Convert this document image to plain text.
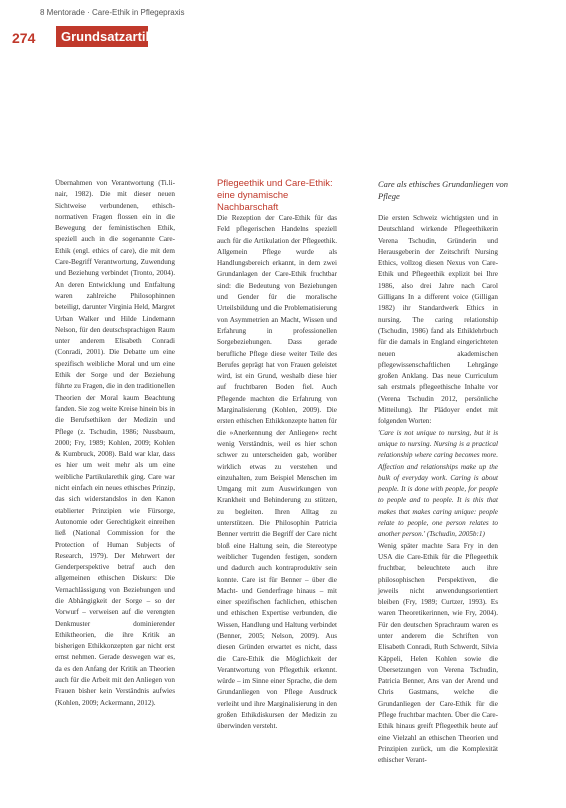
8 Mentorade · Care-Ethik in Pflegepraxis
274	Grundsatzartikel

Übernahmen von Verantwortung (Ti.li-nair, 1982). Die mit dieser neuen Sichtweise verbundenen, ethisch-normativen Fragen flossen ein in die Bewegung der feministischen Ethik, speziell auch in die sogenannte Care-Ethik (engl. ethics of care), die mit dem Care-Begriff Verantwortung, Zuwendung und Beziehung verbindet (Tronto, 2004). An deren Entwicklung und Entfaltung waren zahlreiche Philosophinnen beteiligt, darunter Virginia Held, Margret Urban Walker und Hilde Lindemann Nelson, für den deutschsprachigen Raum unter anderem Elisabeth Conradi (Conradi, 2001). Die Debatte um eine spezifisch weibliche Moral und um eine Ethik der Sorge und der Beziehung führte zu Fragen, die in den traditionellen Theorien der Moral kaum Beachtung fanden. Sie zog weite Kreise hinein bis in die Berufsethiken der Medizin und Pflege (z. Tschudin, 1986; Nussbaum, 2000; Fry, 1989; Kohlen, 2009; Kohlen & Kumbruck, 2008). Bald war klar, dass es hier um weit mehr als um eine weibliche Partikularethik ging. Care war nicht einfach ein neues ethisches Prinzip, das sich widerstandslos in den Kanon etablierter Prinzipien wie Fürsorge, Autonomie oder Gerechtigkeit einreihen ließ (National Commission for the Protection of Human Subjects of Research, 1979). Der Mehrwert der Genderperspektive betraf auch den allgemeinen ethischen Diskurs: Die Vernachlässigung von Beziehungen und die Abhängigkeit der Sorge – so der Vorwurf – verweisen auf die verengten Denkmuster dominierender Ethiktheorien, die ihre Kritik an bisherigen Ethikkonzepten gar nicht erst ernst nehmen. Gerade deswegen war es, da es den Anfang der Kritik an Theorien auch für die Arbeit mit den Anliegen von Frauen bisher kein Verständnis aufwies (Kohlen, 2009; Ackermann, 2012).

Pflegeethik und Care-Ethik: eine dynamische Nachbarschaft

Die Rezeption der Care-Ethik für das Feld pflegerischen Handelns speziell auch für die Artikulation der Pflegeethik. Allgemein Pflege wurde als Handlungsbereich erkannt, in dem zwei Grundanlagen der Care-Ethik fruchtbar sind: die Bedeutung von Beziehungen und Gender für die moralische Urteilsbildung und die Problematisierung von Asymmetrien an Macht, Wissen und Erfahrung in professionellen Sorgebeziehungen. Dass gerade berufliche Pflege diese weiter Teile des Berufes geprägt hat von Frauen geleistet wird, ist ein Grund, weshalb diese hier auf fruchtbaren Boden fiel. Auch Pflegende machten die Erfahrung von Marginalisierung (Kohlen, 2009). Die ersten ethischen Ethikkonzepte hatten für die »Anerkennung der Anliegen« recht wenig Verständnis, weil es hier schon schwer zu unterscheiden gab, worüber wirklich etwas zu verstehen und einzuhalten, zum Beispiel Menschen im Umgang mit zum Auswirkungen von Krankheit und Behinderung zu stützen, zu begleiten. Ihren Alltag zu unterstützen. Die Philosophin Patricia Benner vertritt die Begriff der Care nicht bloß eine Haltung sein, die Stereotype weiblicher Tugenden festigen, sondern und dadurch auch kontraproduktiv sein konnte. Care ist für Benner – über die Macht- und Genderfrage hinaus – mit einer spezifischen fachlichen, ethischen und ethischen Expertise verbunden, die Wissen, Handlung und Haltung verbindet (Benner, 2005; Nelson, 2009). Aus diesen Gründen erwartet es nicht, dass die Care-Ethik die Möglichkeit der Verantwortung von Pflegethik erkennt. würde – im Sinne einer Sprache, die dem Grundanliegen von Pflege Ausdruck verleiht und ihre Marginalisierung in den großen Ethikdiskursen der Medizin zu überwinden versteht.

Care als ethisches Grundanliegen von Pflege

Die ersten Schweiz wichtigsten und in Deutschland wirkende Pflegeethikerin Verena Tschudin, Gründerin und Herausgeberin der Zeitschrift Nursing Ethics, vollzog diesen Nexus von Care-Ethik und Pflegeethik explizit bei Ihre 1986, also drei Jahre nach Carol Gilligans In a different voice (Gilligan 1982) ihr Standardwerk Ethics in nursing. The caring relationship (Tschudin, 1986) fand als Ethiklehrbuch für die damals in England eingerichteten neuen akademischen pflegewissenschaftlichen Lehrgänge großen Anklang. Das neue Curriculum sah erstmals pflegeethische Inhalte vor (Verena Tschudin 2012, persönliche Mitteilung). Ihr Plädoyer endet mit folgenden Worten:

'Care is not unique to nursing, but it is unique to nursing. Nursing is a practical relationship where caring becomes more. Affection and relationships make up the bulk of everyday work. Caring is about people. It is done with people, for people to people and to people. It is this that makes that makes caring unique: people relate to people, one person relates to another person.' (Tschudin, 2005b:1)

Wenig später machte Sara Fry in den USA die Care-Ethik für die Pflegeethik fruchtbar, beleuchtete auch ihre philosophischen Perspektiven, die jeweils nicht anwendungsorientiert bleiben (Fry, 1989; Curtzer, 1993). Es waren Theoretikerinnen, wie Fry, 2004). Für den deutschen Sprachraum waren es unter anderem die Schriften von Elisabeth Conradi, Ruth Schwerdt, Silvia Käppeli, Helen Kohlen sowie die Übersetzungen von Verena Tschudin, Patricia Benner, Ans van der Arend und Chris Gastmans, welche die Grundanliegen der Care-Ethik für die Pflege fruchtbar machten. Über die Care-Ethik hinaus greift Pflegeethik heute auf eine Vielzahl an ethischen Theorien und Prinzipien zurück, um die Komplexität ethischer Verant-
